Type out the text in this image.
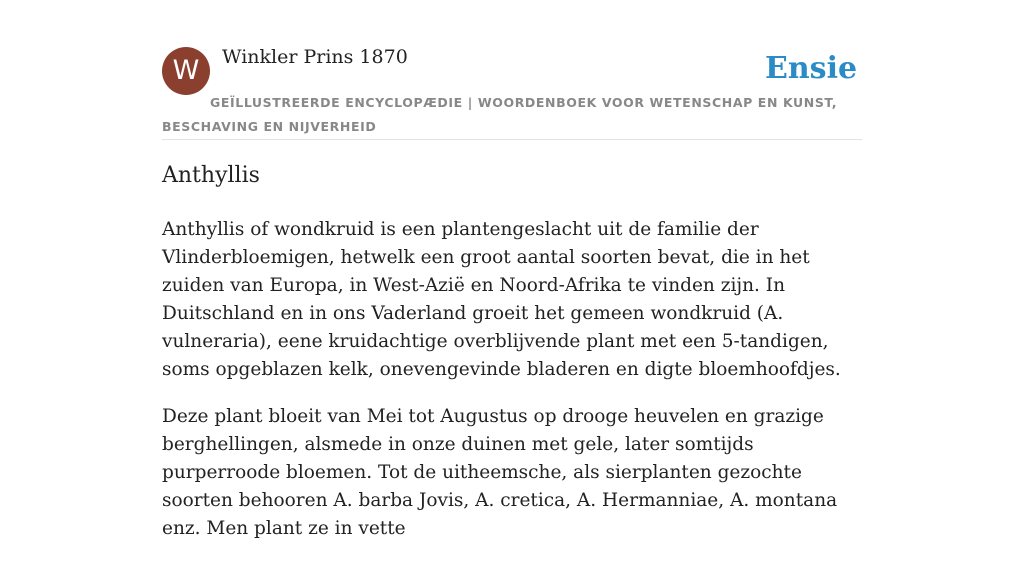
W	Winkler Prins 1870	Ensie
GEÏLLUSTREERDE ENCYCLOPÆDIE | WOORDENBOEK VOOR WETENSCHAP EN KUNST, BESCHAVING EN NIJVERHEID
Anthyllis

Anthyllis of wondkruid is een plantengeslacht uit de familie der Vlinderbloemigen, hetwelk een groot aantal soorten bevat, die in het zuiden van Europa, in West-Azië en Noord-Afrika te vinden zijn. In Duitschland en in ons Vaderland groeit het gemeen wondkruid (A. vulneraria), eene kruidachtige overblijvende plant met een 5-tandigen, soms opgeblazen kelk, onevengevinde bladeren en digte bloemhoofdjes.

Deze plant bloeit van Mei tot Augustus op drooge heuvelen en grazige berghellingen, alsmede in onze duinen met gele, later somtijds purperroode bloemen. Tot de uitheemsche, als sierplanten gezochte soorten behooren A. barba Jovis, A. cretica, A. Hermanniae, A. montana enz. Men plant ze in vette
